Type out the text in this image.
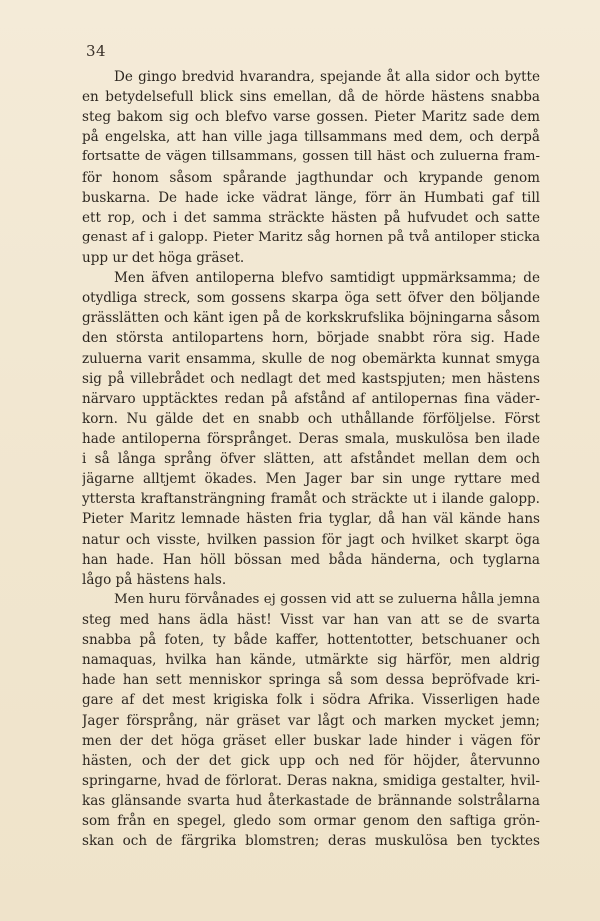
34
De gingo bredvid hvarandra, spejande åt alla sidor och bytte
en betydelsefull blick sins emellan, då de hörde hästens snabba
steg bakom sig och blefvo varse gossen. Pieter Maritz sade dem
på engelska, att han ville jaga tillsammans med dem, och derpå
fortsatte de vägen tillsammans, gossen till häst och zuluerna fram-
för honom såsom spårande jagthundar och krypande genom
buskarna. De hade icke vädrat länge, förr än Humbati gaf till
ett rop, och i det samma sträckte hästen på hufvudet och satte
genast af i galopp. Pieter Maritz såg hornen på två antiloper sticka
upp ur det höga gräset.
Men äfven antiloperna blefvo samtidigt uppmärksamma; de
otydliga streck, som gossens skarpa öga sett öfver den böljande
grässlätten och känt igen på de korkskrufslika böjningarna såsom
den största antilopartens horn, började snabbt röra sig. Hade
zuluerna varit ensamma, skulle de nog obemärkta kunnat smyga
sig på villebrådet och nedlagt det med kastspjuten; men hästens
närvaro upptäcktes redan på afstånd af antilopernas fina väder-
korn. Nu gälde det en snabb och uthållande förföljelse. Först
hade antiloperna försprånget. Deras smala, muskulösa ben ilade
i så långa språng öfver slätten, att afståndet mellan dem och
jägarne alltjemt ökades. Men Jager bar sin unge ryttare med
yttersta kraftansträngning framåt och sträckte ut i ilande galopp.
Pieter Maritz lemnade hästen fria tyglar, då han väl kände hans
natur och visste, hvilken passion för jagt och hvilket skarpt öga
han hade. Han höll bössan med båda händerna, och tyglarna
lågo på hästens hals.
Men huru förvånades ej gossen vid att se zuluerna hålla jemna
steg med hans ädla häst! Visst var han van att se de svarta
snabba på foten, ty både kaffer, hottentotter, betschuaner och
namaquas, hvilka han kände, utmärkte sig härför, men aldrig
hade han sett menniskor springa så som dessa bepröfvade kri-
gare af det mest krigiska folk i södra Afrika. Visserligen hade
Jager försprång, när gräset var lågt och marken mycket jemn;
men der det höga gräset eller buskar lade hinder i vägen för
hästen, och der det gick upp och ned för höjder, återvunno
springarne, hvad de förlorat. Deras nakna, smidiga gestalter, hvil-
kas glänsande svarta hud återkastade de brännande solstrålarna
som från en spegel, gledo som ormar genom den saftiga grön-
skan och de färgrika blomstren; deras muskulösa ben tycktes
